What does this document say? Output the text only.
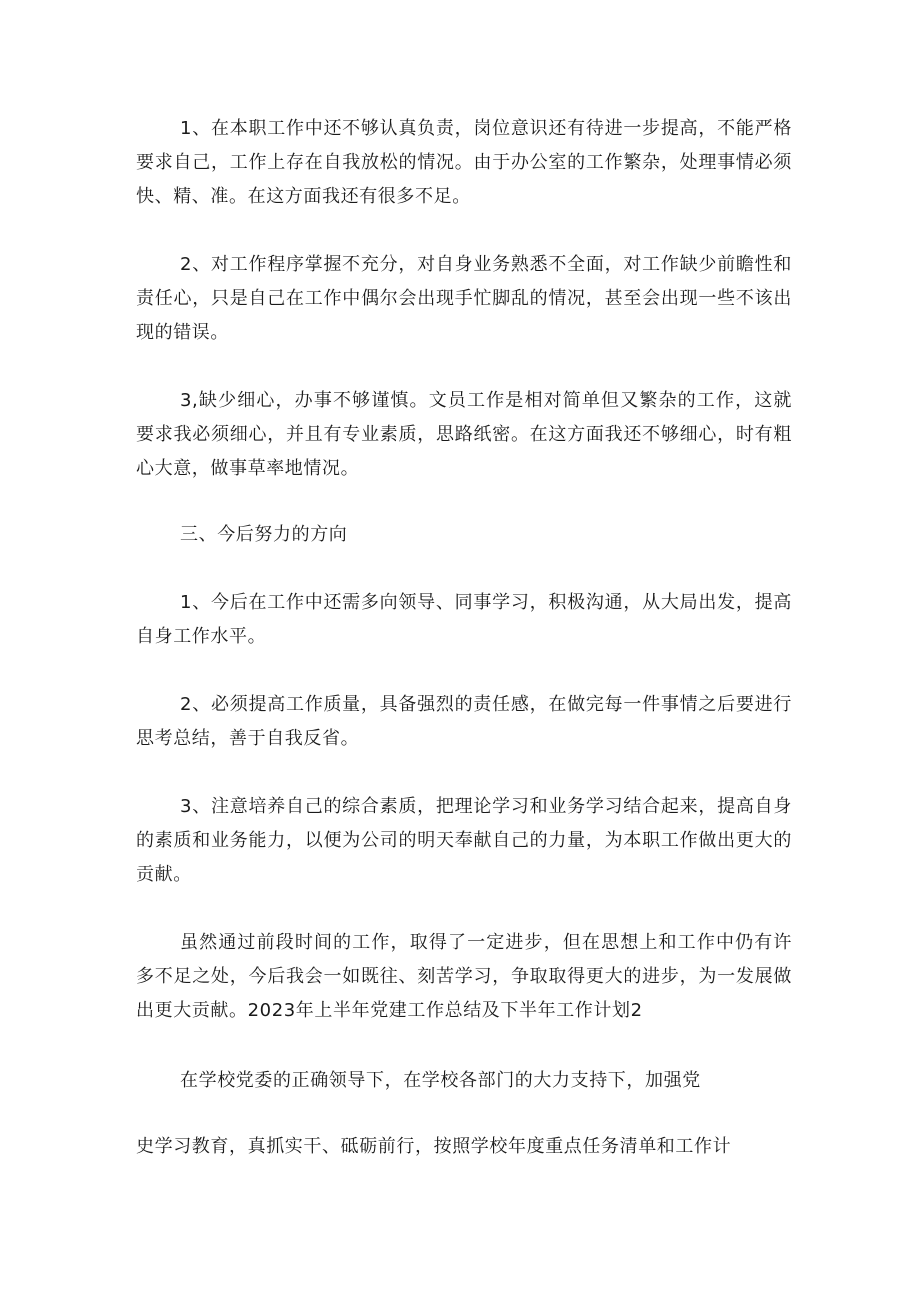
1、在本职工作中还不够认真负责，岗位意识还有待进一步提高，不能严格要求自己，工作上存在自我放松的情况。由于办公室的工作繁杂，处理事情必须快、精、准。在这方面我还有很多不足。

2、对工作程序掌握不充分，对自身业务熟悉不全面，对工作缺少前瞻性和责任心，只是自己在工作中偶尔会出现手忙脚乱的情况，甚至会出现一些不该出现的错误。

3,缺少细心，办事不够谨慎。文员工作是相对简单但又繁杂的工作，这就要求我必须细心，并且有专业素质，思路纸密。在这方面我还不够细心，时有粗心大意，做事草率地情况。

三、今后努力的方向

1、今后在工作中还需多向领导、同事学习，积极沟通，从大局出发，提高自身工作水平。

2、必须提高工作质量，具备强烈的责任感，在做完每一件事情之后要进行思考总结，善于自我反省。

3、注意培养自己的综合素质，把理论学习和业务学习结合起来，提高自身的素质和业务能力，以便为公司的明天奉献自己的力量，为本职工作做出更大的贡献。

虽然通过前段时间的工作，取得了一定进步，但在思想上和工作中仍有许多不足之处，今后我会一如既往、刻苦学习，争取取得更大的进步，为一发展做出更大贡献。2023年上半年党建工作总结及下半年工作计划2

在学校党委的正确领导下，在学校各部门的大力支持下，加强党

史学习教育，真抓实干、砥砺前行，按照学校年度重点任务清单和工作计
